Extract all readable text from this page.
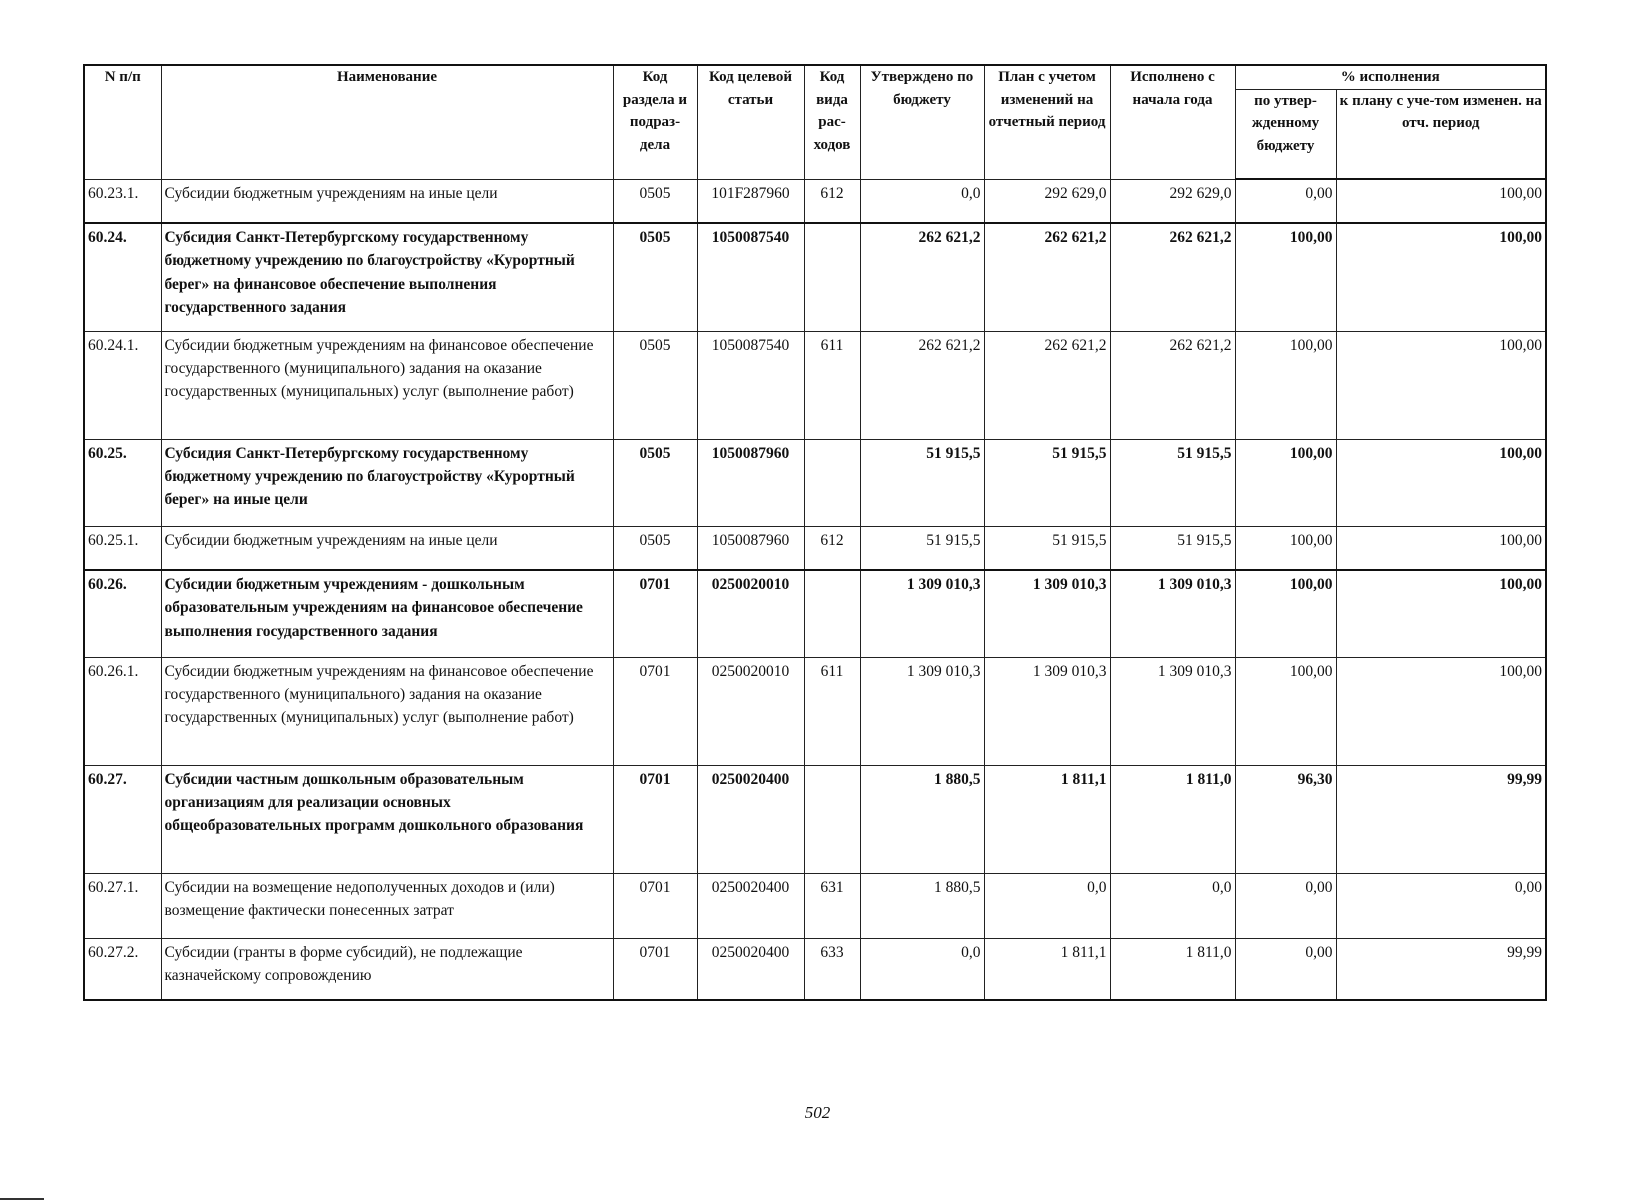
N п/п	Наименование	Код раздела и подраз-дела	Код целевой статьи	Код вида рас-ходов	Утверждено по бюджету	План с учетом изменений на отчетный период	Исполнено с начала года	% исполнения	
								по утвер-жденному бюджету	к плану с уче-том изменен. на отч. период
60.23.1.	Субсидии бюджетным учреждениям на иные цели	0505	101F287960	612	0,0	292 629,0	292 629,0	0,00	100,00
60.24.	Субсидия Санкт-Петербургскому государственному бюджетному учреждению по благоустройству «Курортный берег» на финансовое обеспечение выполнения государственного задания	0505	1050087540		262 621,2	262 621,2	262 621,2	100,00	100,00
60.24.1.	Субсидии бюджетным учреждениям на финансовое обеспечение государственного (муниципального) задания на оказание государственных (муниципальных) услуг (выполнение работ)	0505	1050087540	611	262 621,2	262 621,2	262 621,2	100,00	100,00
60.25.	Субсидия Санкт-Петербургскому государственному бюджетному учреждению по благоустройству «Курортный берег» на иные цели	0505	1050087960		51 915,5	51 915,5	51 915,5	100,00	100,00
60.25.1.	Субсидии бюджетным учреждениям на иные цели	0505	1050087960	612	51 915,5	51 915,5	51 915,5	100,00	100,00
60.26.	Субсидии бюджетным учреждениям - дошкольным образовательным учреждениям на финансовое обеспечение выполнения государственного задания	0701	0250020010		1 309 010,3	1 309 010,3	1 309 010,3	100,00	100,00
60.26.1.	Субсидии бюджетным учреждениям на финансовое обеспечение государственного (муниципального) задания на оказание государственных (муниципальных) услуг (выполнение работ)	0701	0250020010	611	1 309 010,3	1 309 010,3	1 309 010,3	100,00	100,00
60.27.	Субсидии частным дошкольным образовательным организациям для реализации основных общеобразовательных программ дошкольного образования	0701	0250020400		1 880,5	1 811,1	1 811,0	96,30	99,99
60.27.1.	Субсидии на возмещение недополученных доходов и (или) возмещение фактически понесенных затрат	0701	0250020400	631	1 880,5	0,0	0,0	0,00	0,00
60.27.2.	Субсидии (гранты в форме субсидий), не подлежащие казначейскому сопровождению	0701	0250020400	633	0,0	1 811,1	1 811,0	0,00	99,99
502
